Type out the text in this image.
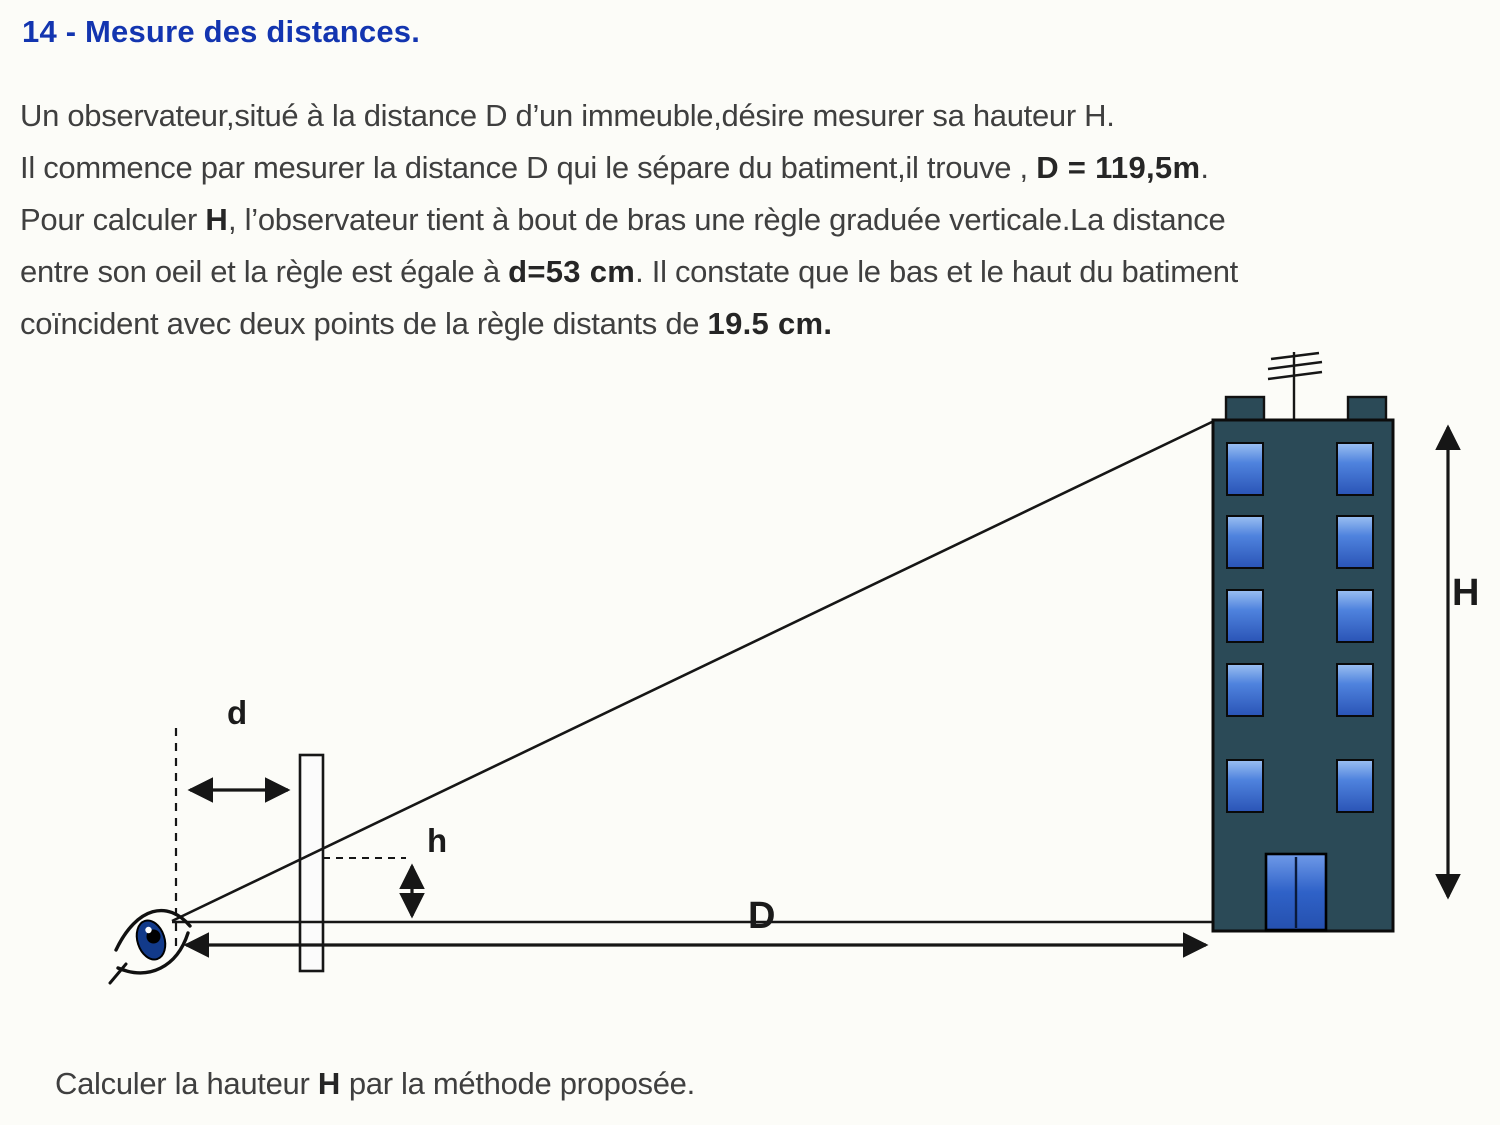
14 - Mesure des distances.

Un observateur,situé à la distance D d’un immeuble,désire mesurer sa hauteur H.

Il commence par mesurer la distance D qui le sépare du batiment,il trouve , D = 119,5m.

Pour calculer H, l’observateur tient à bout de bras une règle graduée verticale.La distance

entre son oeil et la règle est égale à d=53 cm. Il constate que le bas et le haut du batiment

coïncident avec deux points de la règle distants de 19.5 cm.

d
h
D
H
Calculer la hauteur H par la méthode proposée.
